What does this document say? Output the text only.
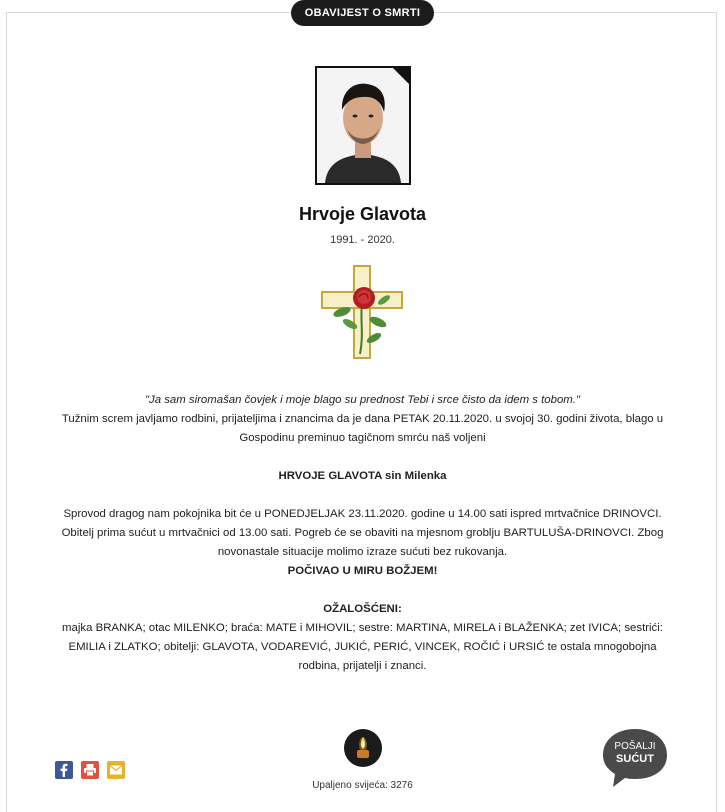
OBAVIJEST O SMRTI
Hrvoje Glavota
1991. - 2020.

"Ja sam siromašan čovjek i moje blago su prednost Tebi i srce čisto da idem s tobom."

Tužnim screm javljamo rodbini, prijateljima i znancima da je dana PETAK 20.11.2020. u svojoj 30. godini života, blago u Gospodinu preminuo tagičnom smrću naš voljeni

HRVOJE GLAVOTA sin Milenka

Sprovod dragog nam pokojnika bit će u PONEDJELJAK 23.11.2020. godine u 14.00 sati ispred mrtvačnice DRINOVCI. Obitelj prima sućut u mrtvačnici od 13.00 sati. Pogreb će se obaviti na mjesnom groblju BARTULUŠA-DRINOVCI. Zbog novonastale situacije molimo izraze sućuti bez rukovanja.

POČIVAO U MIRU BOŽJEM!

OŽALOŠĆENI:

majka BRANKA; otac MILENKO; braća: MATE i MIHOVIL; sestre: MARTINA, MIRELA i BLAŽENKA; zet IVICA; sestrići: EMILIA i ZLATKO; obitelji: GLAVOTA, VODAREVIĆ, JUKIĆ, PERIĆ, VINCEK, ROČIĆ i URSIĆ te ostala mnogobojna rodbina, prijatelji i znanci.

Upaljeno svijeća: 3276
POŠALJI
SUĆUT
